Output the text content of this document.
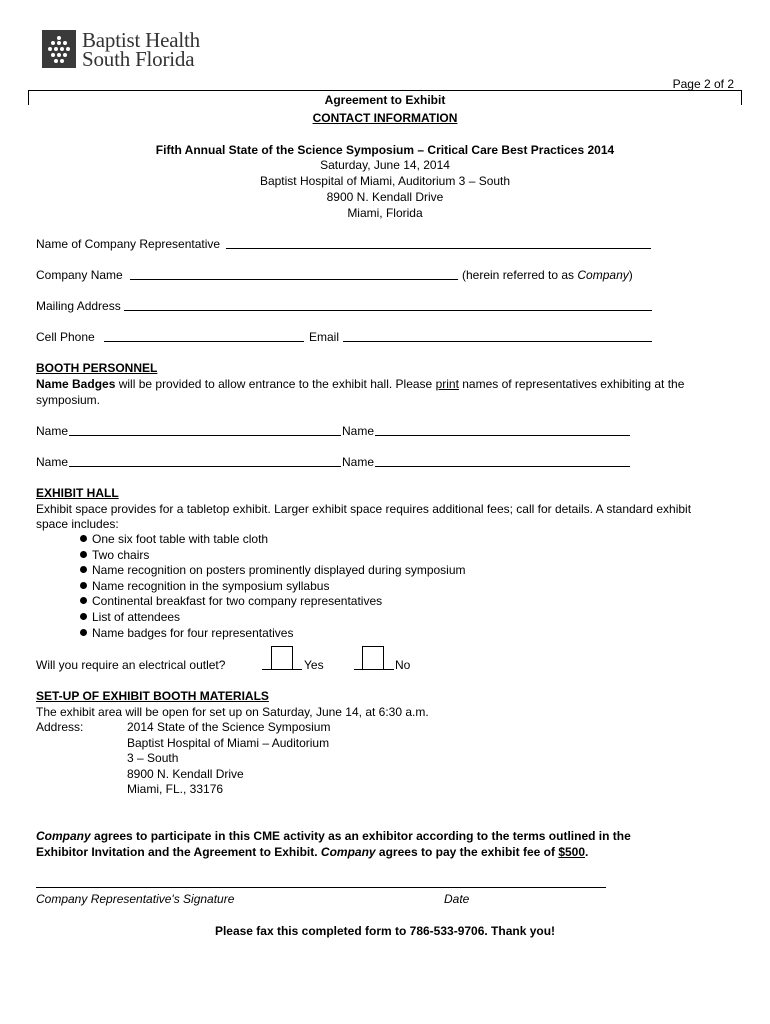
Baptist Health
South Florida
Page 2 of 2
Agreement to Exhibit
CONTACT INFORMATION
Fifth Annual State of the Science Symposium – Critical Care Best Practices 2014
Saturday, June 14, 2014
Baptist Hospital of Miami, Auditorium 3 – South
8900 N. Kendall Drive
Miami, Florida
Name of Company Representative
Company Name	(herein referred to as Company)
Mailing Address
Cell Phone	Email
BOOTH PERSONNEL
Name Badges will be provided to allow entrance to the exhibit hall. Please print names of representatives exhibiting at the
symposium.
Name	Name
Name	Name
EXHIBIT HALL
Exhibit space provides for a tabletop exhibit. Larger exhibit space requires additional fees; call for details. A standard exhibit
space includes:
One six foot table with table cloth
Two chairs
Name recognition on posters prominently displayed during symposium
Name recognition in the symposium syllabus
Continental breakfast for two company representatives
List of attendees
Name badges for four representatives
Will you require an electrical outlet?	Yes	No
SET-UP OF EXHIBIT BOOTH MATERIALS
The exhibit area will be open for set up on Saturday, June 14, at 6:30 a.m.
Address:	2014 State of the Science Symposium
Baptist Hospital of Miami – Auditorium
3 – South
8900 N. Kendall Drive
Miami, FL., 33176
Company agrees to participate in this CME activity as an exhibitor according to the terms outlined in the
Exhibitor Invitation and the Agreement to Exhibit. Company agrees to pay the exhibit fee of $500.
Company Representative's Signature	Date
Please fax this completed form to 786-533-9706. Thank you!
